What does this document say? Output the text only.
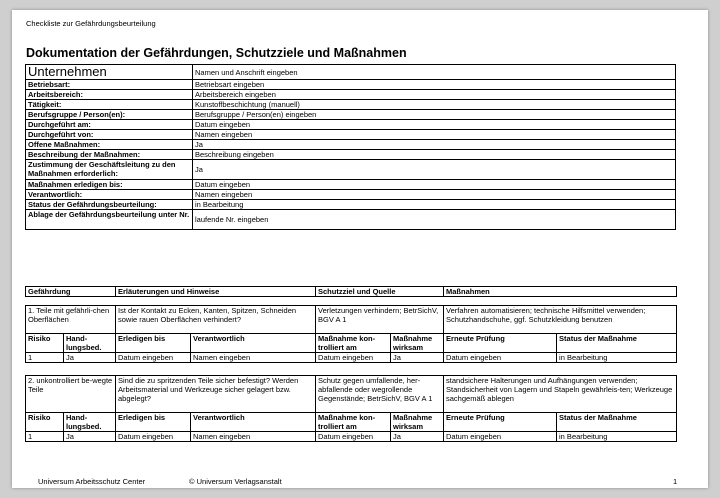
Checkliste zur Gefährdungsbeurteilung
Dokumentation der Gefährdungen, Schutzziele und Maßnahmen
Unternehmen	Namen und Anschrift eingeben
Betriebsart:	Betriebsart eingeben
Arbeitsbereich:	Arbeitsbereich eingeben
Tätigkeit:	Kunstoffbeschichtung (manuell)
Berufsgruppe / Person(en):	Berufsgruppe / Person(en) eingeben
Durchgeführt am:	Datum eingeben
Durchgeführt von:	Namen eingeben
Offene Maßnahmen:	Ja
Beschreibung der Maßnahmen:	Beschreibung eingeben
Zustimmung der Geschäftsleitung zu den Maßnahmen erforderlich:	Ja
Maßnahmen erledigen bis:	Datum eingeben
Verantwortlich:	Namen eingeben
Status der Gefährdungsbeurteilung:	in Bearbeitung
Ablage der Gefährdungsbeurteilung unter Nr.	laufende Nr. eingeben
Gefährdung	Erläuterungen und Hinweise	Schutzziel und Quelle	Maßnahmen
1. Teile mit gefährli-chen Oberflächen		Ist der Kontakt zu Ecken, Kanten, Spitzen, Schneiden sowie rauen Oberflächen verhindert?		Verletzungen verhindern; BetrSichV, BGV A 1		Verfahren automatisieren; technische Hilfsmittel verwenden; Schutzhandschuhe, ggf. Schutzkleidung benutzen	
Risiko	Hand-lungsbed.	Erledigen bis	Verantwortlich	Maßnahme kon-trolliert am	Maßnahme wirksam	Erneute Prüfung	Status der Maßnahme
1	Ja	Datum eingeben	Namen eingeben	Datum eingeben	Ja	Datum eingeben	in Bearbeitung
2. unkontrolliert be-wegte Teile		Sind die zu spritzenden Teile sicher befestigt? Werden Arbeitsmaterial und Werkzeuge sicher gelagert bzw. abgelegt?		Schutz gegen umfallende, her-abfallende oder wegrollende Gegenstände; BetrSichV, BGV A 1		standsichere Halterungen und Aufhängungen verwenden; Standsicherheit von Lagern und Stapeln gewährleis-ten; Werkzeuge sachgemäß ablegen	
Risiko	Hand-lungsbed.	Erledigen bis	Verantwortlich	Maßnahme kon-trolliert am	Maßnahme wirksam	Erneute Prüfung	Status der Maßnahme
1	Ja	Datum eingeben	Namen eingeben	Datum eingeben	Ja	Datum eingeben	in Bearbeitung
Universum Arbeitsschutz Center	© Universum Verlagsanstalt	1
